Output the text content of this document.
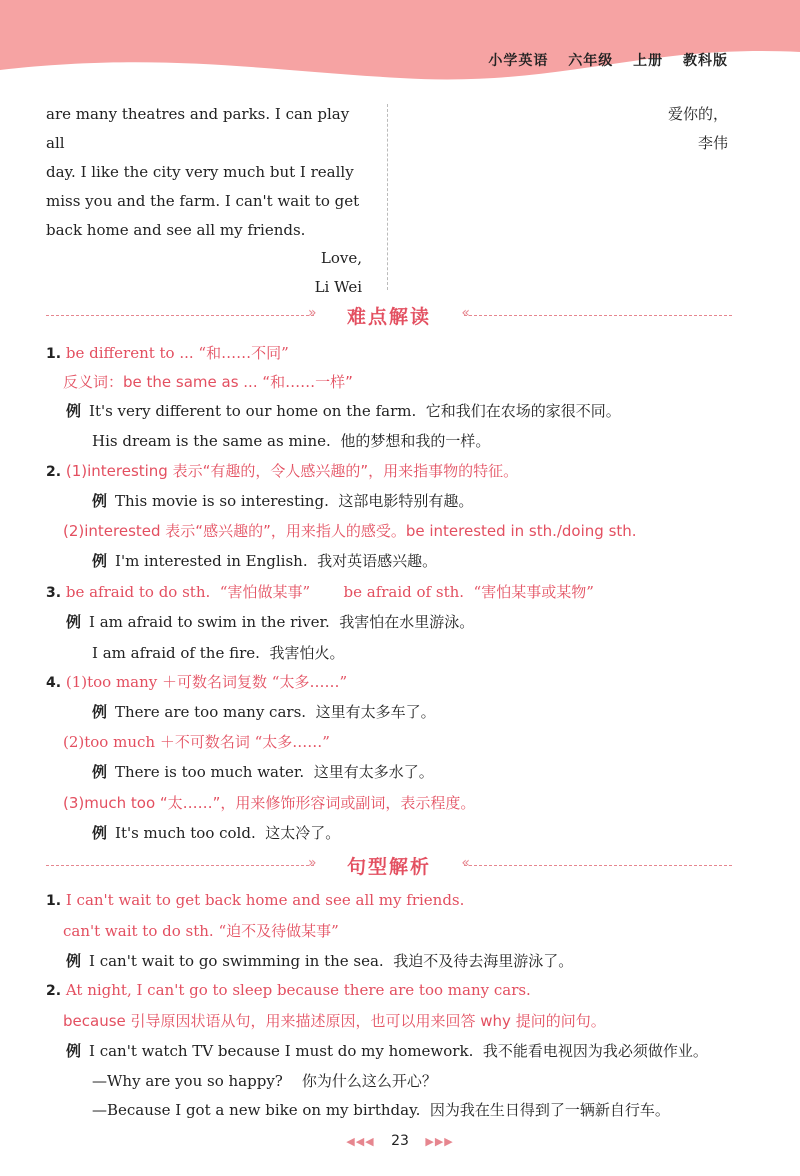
小学英语 六年级 上册 教科版
are many theatres and parks. I can play all
day. I like the city very much but I really
miss you and the farm. I can't wait to get
back home and see all my friends.
Love,
Li Wei
爱你的，
李伟
»	难点解读	«
1. be different to ... “和……不同”
反义词：be the same as ... “和……一样”
例 It's very different to our home on the farm. 它和我们在农场的家很不同。
His dream is the same as mine. 他的梦想和我的一样。
2. (1)interesting 表示“有趣的，令人感兴趣的”，用来指事物的特征。
例 This movie is so interesting. 这部电影特别有趣。
(2)interested 表示“感兴趣的”，用来指人的感受。be interested in sth./doing sth.
例 I'm interested in English. 我对英语感兴趣。
3. be afraid to do sth.  “害怕做某事”       be afraid of sth.  “害怕某事或某物”
例 I am afraid to swim in the river. 我害怕在水里游泳。
I am afraid of the fire. 我害怕火。
4. (1)too many ＋可数名词复数 “太多……”
例 There are too many cars. 这里有太多车了。
(2)too much ＋不可数名词 “太多……”
例 There is too much water. 这里有太多水了。
(3)much too “太……”，用来修饰形容词或副词，表示程度。
例 It's much too cold. 这太冷了。
»	句型解析	«
1. I can't wait to get back home and see all my friends.
can't wait to do sth. “迫不及待做某事”
例 I can't wait to go swimming in the sea. 我迫不及待去海里游泳了。
2. At night, I can't go to sleep because there are too many cars.
because 引导原因状语从句，用来描述原因，也可以用来回答 why 提问的问句。
例 I can't watch TV because I must do my homework. 我不能看电视因为我必须做作业。
—Why are you so happy? 你为什么这么开心？
—Because I got a new bike on my birthday. 因为我在生日得到了一辆新自行车。
◀◀◀ 23 ▶▶▶
